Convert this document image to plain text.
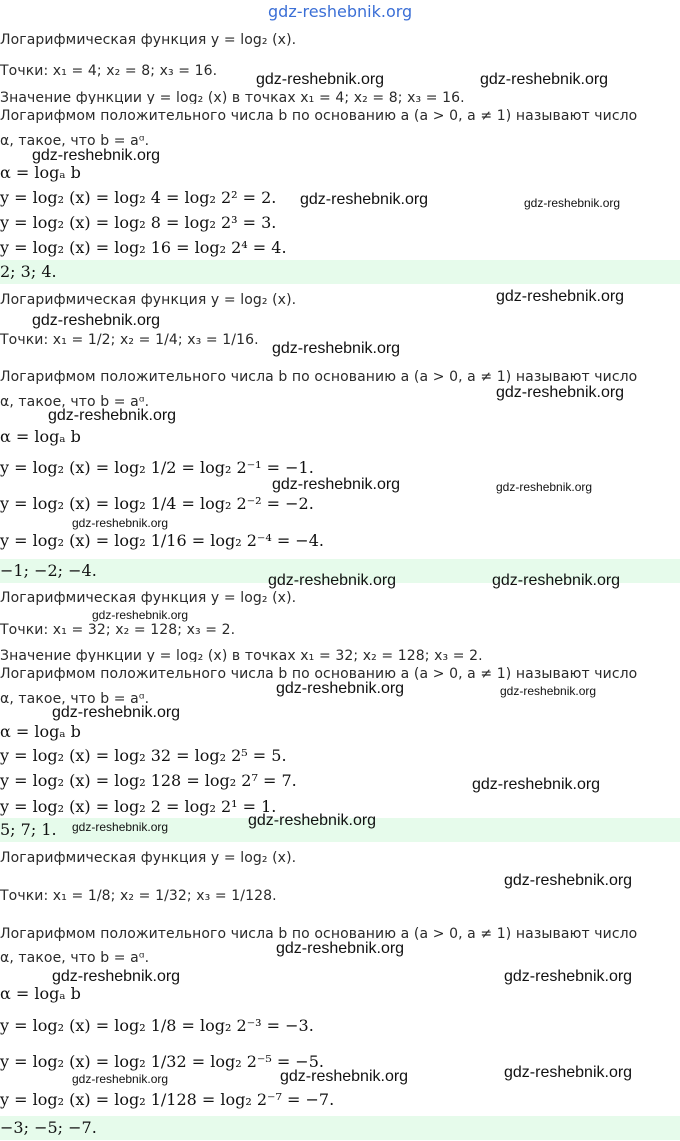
gdz-reshebnik.org
Логарифмическая функция y = log₂ (x).
Точки: x₁ = 4; x₂ = 8; x₃ = 16.
Значение функции y = log₂ (x) в точках x₁ = 4; x₂ = 8; x₃ = 16.
Логарифмом положительного числа b по основанию a (a > 0, a ≠ 1) называют число
α, такое, что b = aᵅ.
α = logₐ b
y = log₂ (x) = log₂ 4 = log₂ 2² = 2.
y = log₂ (x) = log₂ 8 = log₂ 2³ = 3.
y = log₂ (x) = log₂ 16 = log₂ 2⁴ = 4.
2; 3; 4.
Логарифмическая функция y = log₂ (x).
Точки: x₁ = 1/2; x₂ = 1/4; x₃ = 1/16.
Логарифмом положительного числа b по основанию a (a > 0, a ≠ 1) называют число
α, такое, что b = aᵅ.
α = logₐ b
y = log₂ (x) = log₂ 1/2 = log₂ 2⁻¹ = −1.
y = log₂ (x) = log₂ 1/4 = log₂ 2⁻² = −2.
y = log₂ (x) = log₂ 1/16 = log₂ 2⁻⁴ = −4.
−1; −2; −4.
Логарифмическая функция y = log₂ (x).
Точки: x₁ = 32; x₂ = 128; x₃ = 2.
Значение функции y = log₂ (x) в точках x₁ = 32; x₂ = 128; x₃ = 2.
Логарифмом положительного числа b по основанию a (a > 0, a ≠ 1) называют число
α, такое, что b = aᵅ.
α = logₐ b
y = log₂ (x) = log₂ 32 = log₂ 2⁵ = 5.
y = log₂ (x) = log₂ 128 = log₂ 2⁷ = 7.
y = log₂ (x) = log₂ 2 = log₂ 2¹ = 1.
5; 7; 1.
Логарифмическая функция y = log₂ (x).
Точки: x₁ = 1/8; x₂ = 1/32; x₃ = 1/128.
Логарифмом положительного числа b по основанию a (a > 0, a ≠ 1) называют число
α, такое, что b = aᵅ.
α = logₐ b
y = log₂ (x) = log₂ 1/8 = log₂ 2⁻³ = −3.
y = log₂ (x) = log₂ 1/32 = log₂ 2⁻⁵ = −5.
y = log₂ (x) = log₂ 1/128 = log₂ 2⁻⁷ = −7.
−3; −5; −7.
gdz-reshebnik.org	gdz-reshebnik.org
gdz-reshebnik.org
gdz-reshebnik.org	gdz-reshebnik.org
gdz-reshebnik.org
gdz-reshebnik.org
gdz-reshebnik.org
gdz-reshebnik.org
gdz-reshebnik.org
gdz-reshebnik.org	gdz-reshebnik.org
gdz-reshebnik.org
gdz-reshebnik.org	gdz-reshebnik.org
gdz-reshebnik.org
gdz-reshebnik.org	gdz-reshebnik.org
gdz-reshebnik.org
gdz-reshebnik.org
gdz-reshebnik.org
gdz-reshebnik.org
gdz-reshebnik.org
gdz-reshebnik.org
gdz-reshebnik.org	gdz-reshebnik.org
gdz-reshebnik.org
gdz-reshebnik.org	gdz-reshebnik.org
